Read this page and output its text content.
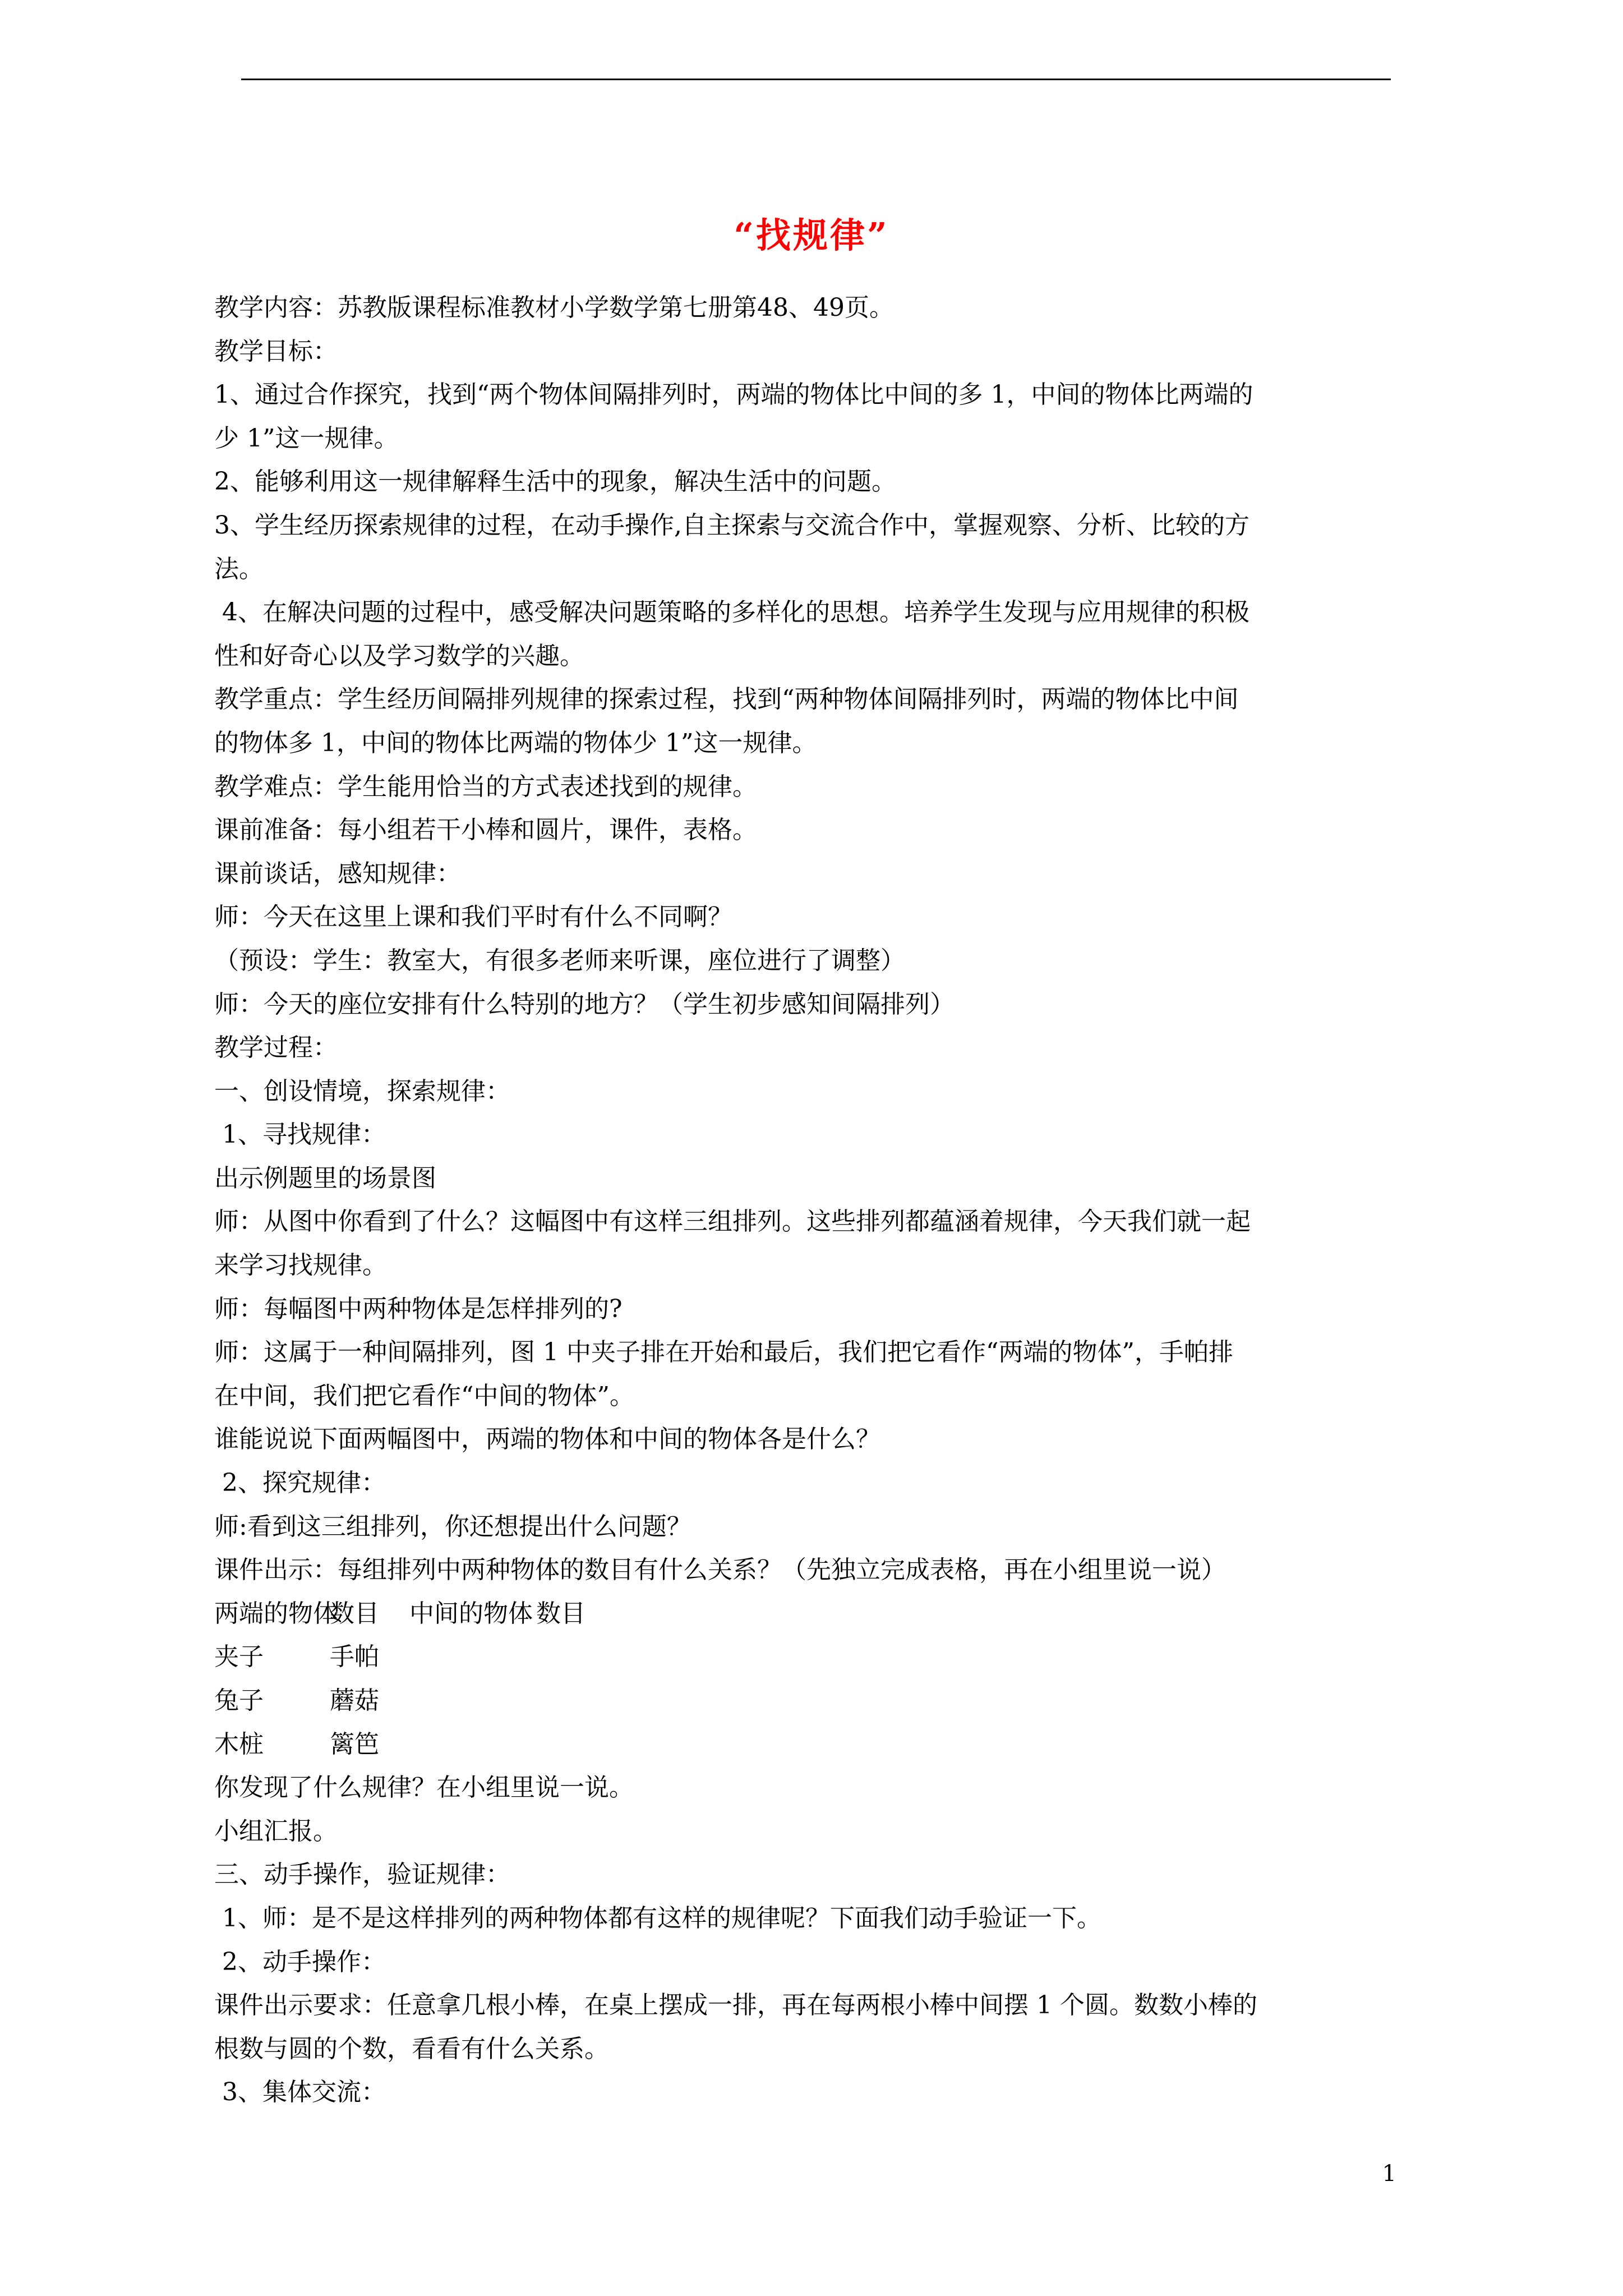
“找规律”
教学内容：苏教版课程标准教材小学数学第七册第48、49页。
教学目标：
1、通过合作探究，找到“两个物体间隔排列时，两端的物体比中间的多 1，中间的物体比两端的
少 1”这一规律。
2、能够利用这一规律解释生活中的现象，解决生活中的问题。
3、学生经历探索规律的过程，在动手操作,自主探索与交流合作中，掌握观察、分析、比较的方
法。
4、在解决问题的过程中，感受解决问题策略的多样化的思想。培养学生发现与应用规律的积极
性和好奇心以及学习数学的兴趣。
教学重点：学生经历间隔排列规律的探索过程，找到“两种物体间隔排列时，两端的物体比中间
的物体多 1，中间的物体比两端的物体少 1”这一规律。
教学难点：学生能用恰当的方式表述找到的规律。
课前准备：每小组若干小棒和圆片，课件，表格。
课前谈话，感知规律：
师：今天在这里上课和我们平时有什么不同啊？
（预设：学生：教室大，有很多老师来听课，座位进行了调整）
师：今天的座位安排有什么特别的地方？（学生初步感知间隔排列）
教学过程：
一、创设情境，探索规律：
1、寻找规律：
出示例题里的场景图
师：从图中你看到了什么？这幅图中有这样三组排列。这些排列都蕴涵着规律，今天我们就一起
来学习找规律。
师：每幅图中两种物体是怎样排列的?
师：这属于一种间隔排列，图 1 中夹子排在开始和最后，我们把它看作“两端的物体”，手帕排
在中间，我们把它看作“中间的物体”。
谁能说说下面两幅图中，两端的物体和中间的物体各是什么？
2、探究规律：
师:看到这三组排列，你还想提出什么问题？
课件出示：每组排列中两种物体的数目有什么关系？（先独立完成表格，再在小组里说一说）
两端的物体数目 中间的物体 数目
夹子	手帕
兔子	蘑菇
木桩	篱笆
你发现了什么规律？在小组里说一说。
小组汇报。
三、动手操作，验证规律：
1、师：是不是这样排列的两种物体都有这样的规律呢？下面我们动手验证一下。
2、动手操作：
课件出示要求：任意拿几根小棒，在桌上摆成一排，再在每两根小棒中间摆 1 个圆。数数小棒的
根数与圆的个数，看看有什么关系。
3、集体交流：
1
